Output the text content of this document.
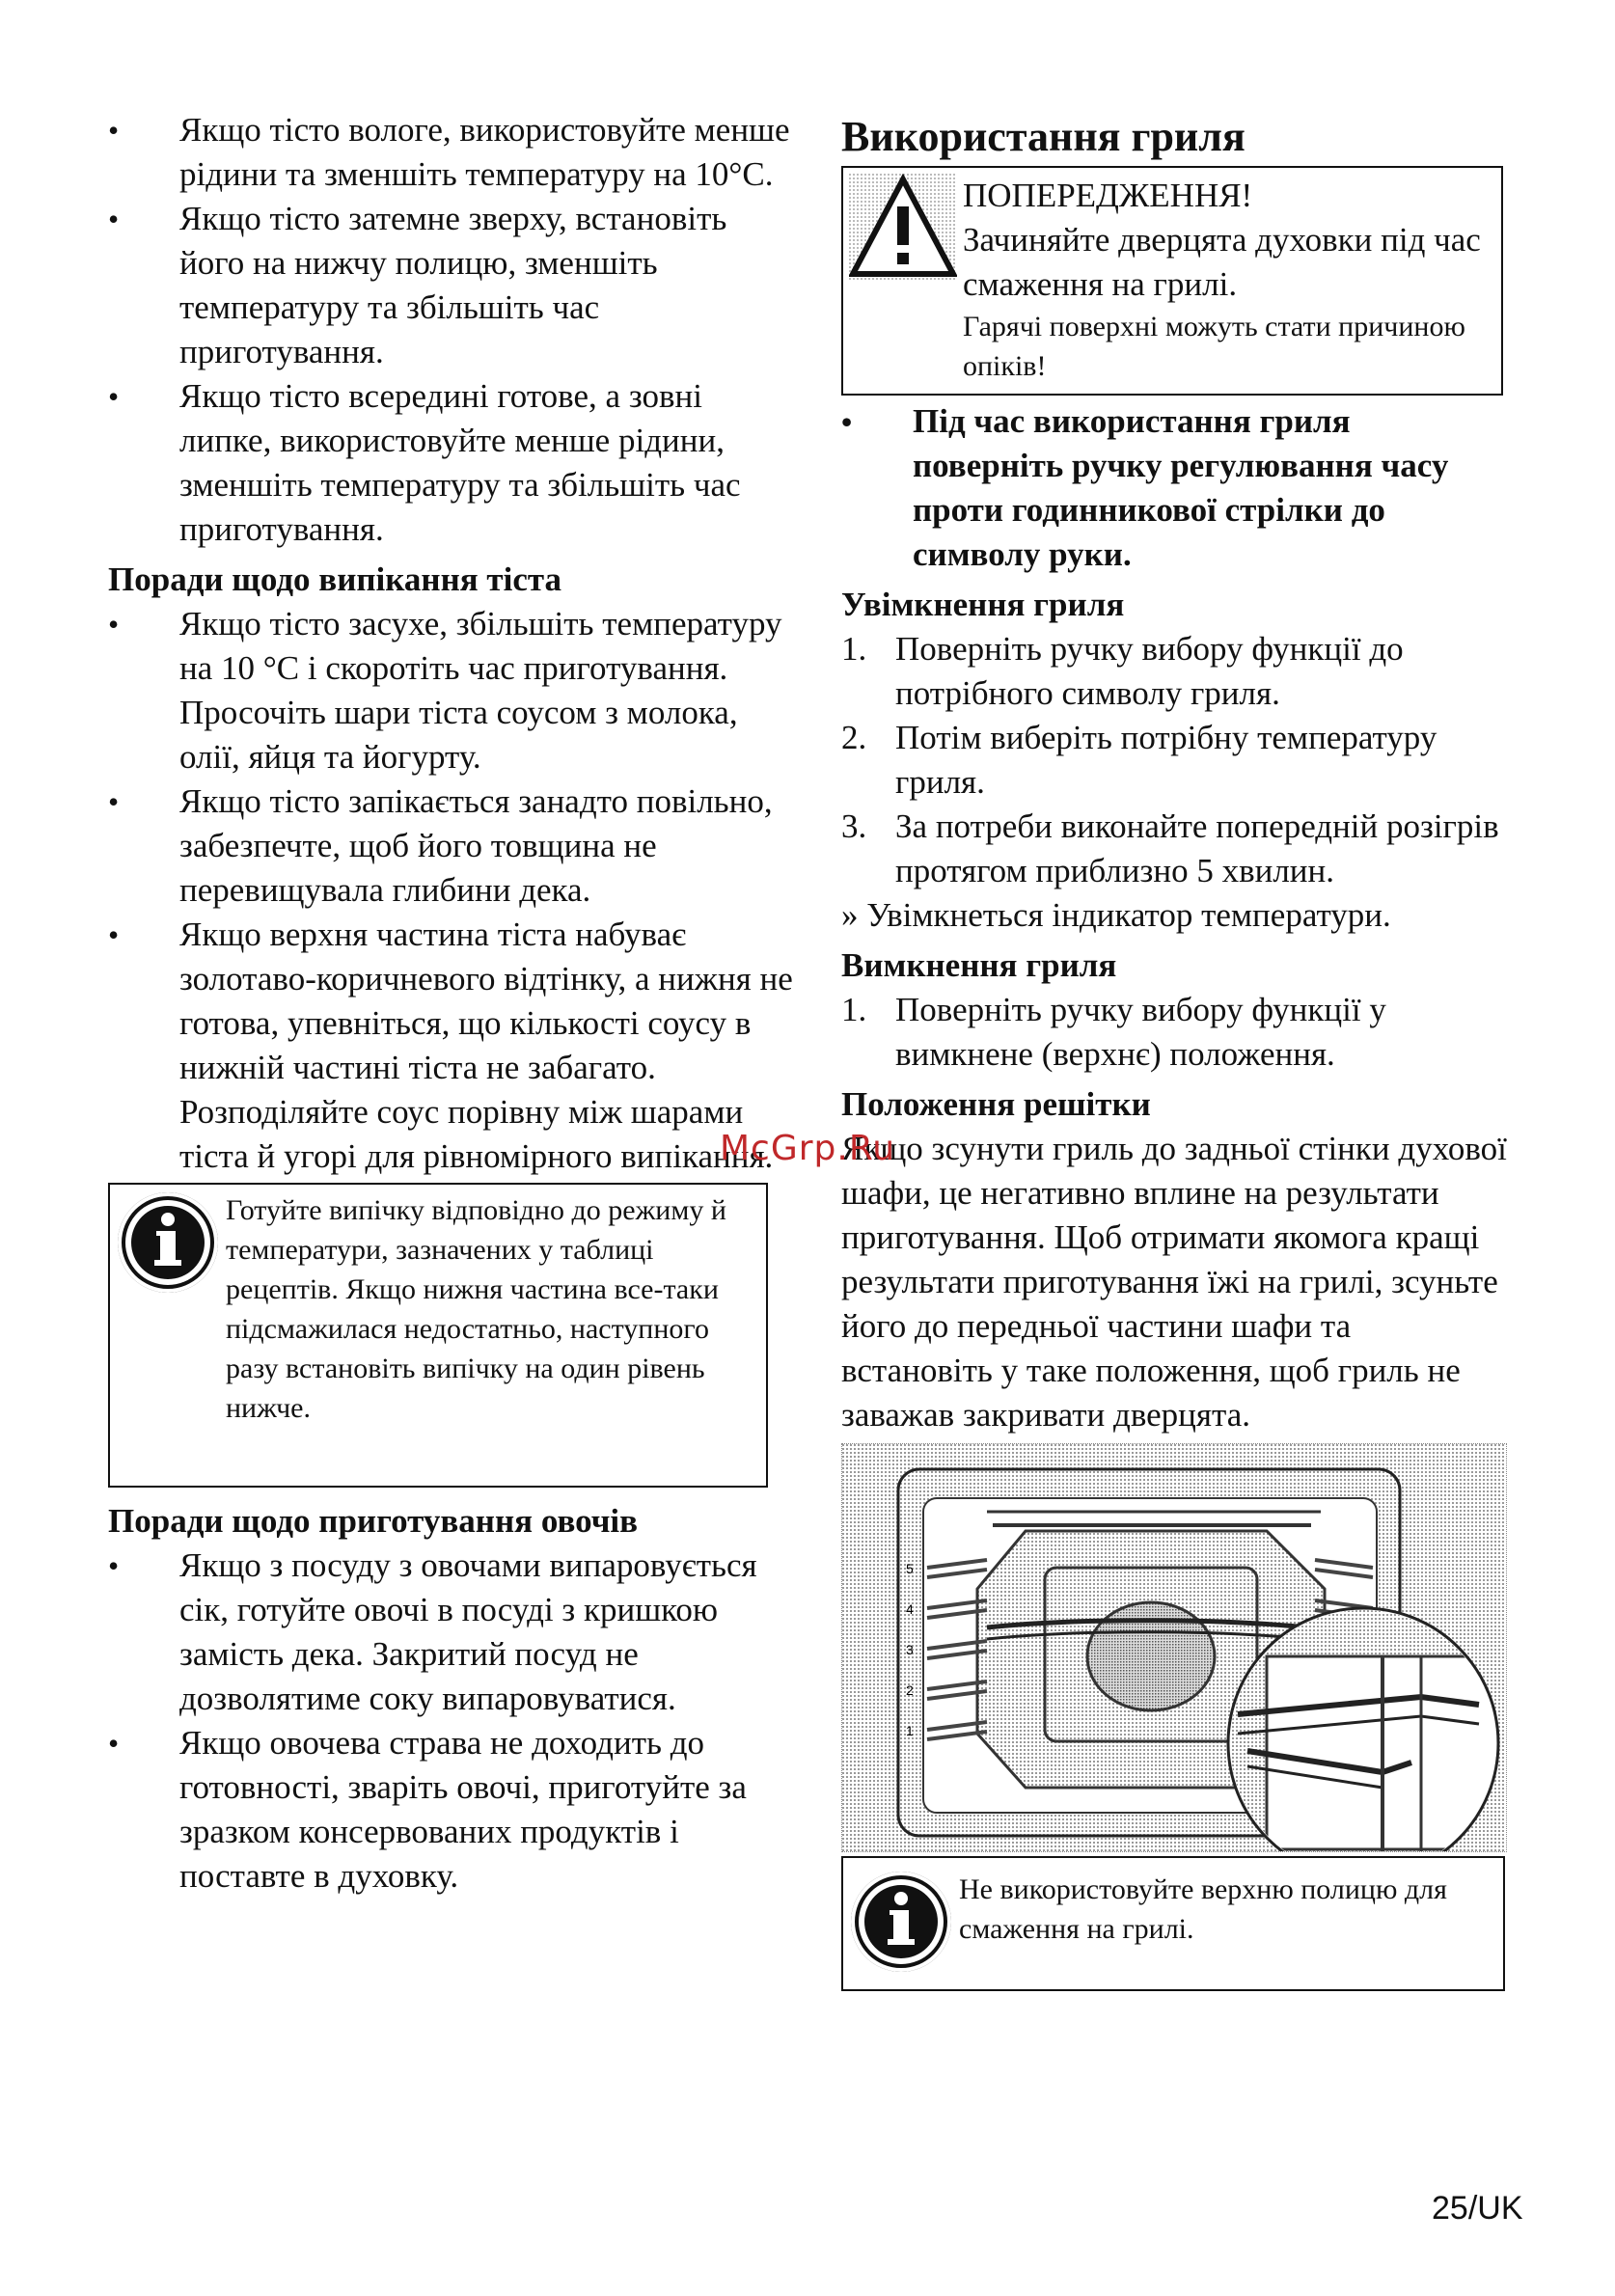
• Якщо тісто вологе, використовуйте менше рідини та зменшіть температуру на 10°C.
• Якщо тісто затемне зверху, встановіть його на нижчу полицю, зменшіть температуру та збільшіть час приготування.
• Якщо тісто всередині готове, а зовні липке, використовуйте менше рідини, зменшіть температуру та збільшіть час приготування.
Поради щодо випікання тіста
• Якщо тісто засухе, збільшіть температуру на 10 °C і скоротіть час приготування. Просочіть шари тіста соусом з молока, олії, яйця та йогурту.
• Якщо тісто запікається занадто повільно, забезпечте, щоб його товщина не перевищувала глибини дека.
• Якщо верхня частина тіста набуває золотаво-коричневого відтінку, а нижня не готова, упевніться, що кількості соусу в нижній частині тіста не забагато. Розподіляйте соус порівну між шарами тіста й угорі для рівномірного випікання.
Готуйте випічку відповідно до режиму й температури, зазначених у таблиці рецептів. Якщо нижня частина все-таки підсмажилася недостатньо, наступного разу встановіть випічку на один рівень нижче.
Поради щодо приготування овочів
• Якщо з посуду з овочами випаровується сік, готуйте овочі в посуді з кришкою замість дека. Закритий посуд не дозволятиме соку випаровуватися.
• Якщо овочева страва не доходить до готовності, зваріть овочі, приготуйте за зразком консервованих продуктів і поставте в духовку.
Використання гриля
ПОПЕРЕДЖЕННЯ!
Зачиняйте дверцята духовки під час смаження на грилі.
Гарячі поверхні можуть стати причиною опіків!
• Під час використання гриля поверніть ручку регулювання часу проти годинникової стрілки до символу руки.
Увімкнення гриля
1. Поверніть ручку вибору функції до потрібного символу гриля.
2. Потім виберіть потрібну температуру гриля.
3. За потреби виконайте попередній розігрів протягом приблизно 5 хвилин.

» Увімкнеться індикатор температури.

Вимкнення гриля
1. Поверніть ручку вибору функції у вимкнене (верхнє) положення.
Положення решітки

Якщо зсунути гриль до задньої стінки духової шафи, це негативно вплине на результати приготування. Щоб отримати якомога кращі результати приготування їжі на грилі, зсуньте його до передньої частини шафи та встановіть у таке положення, щоб гриль не заважав закривати дверцята.

5
4
3
2
1
Не використовуйте верхню полицю для смаження на грилі.
McGrp.Ru
25/UK
